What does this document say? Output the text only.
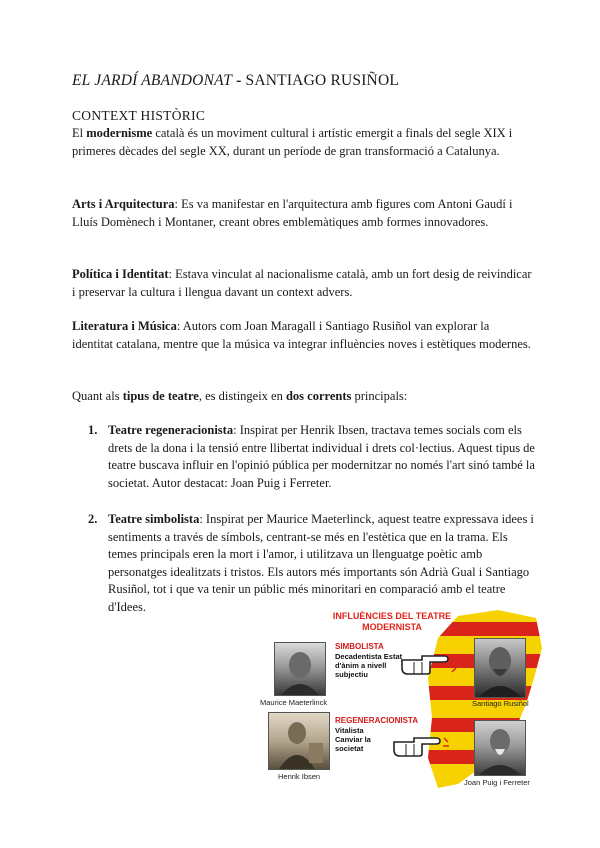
EL JARDÍ ABANDONAT - SANTIAGO RUSIÑOL
CONTEXT HISTÒRIC
El modernisme català és un moviment cultural i artístic emergit a finals del segle XIX i primeres dècades del segle XX, durant un període de gran transformació a Catalunya.
Arts i Arquitectura: Es va manifestar en l'arquitectura amb figures com Antoni Gaudí i Lluís Domènech i Montaner, creant obres emblemàtiques amb formes innovadores.
Política i Identitat: Estava vinculat al nacionalisme català, amb un fort desig de reivindicar i preservar la cultura i llengua davant un context advers.
Literatura i Música: Autors com Joan Maragall i Santiago Rusiñol van explorar la identitat catalana, mentre que la música va integrar influències noves i estètiques modernes.
Quant als tipus de teatre, es distingeix en dos corrents principals:
1. Teatre regeneracionista: Inspirat per Henrik Ibsen, tractava temes socials com els drets de la dona i la tensió entre llibertat individual i drets col·lectius. Aquest tipus de teatre buscava influir en l'opinió pública per modernitzar no només l'art sinó també la societat. Autor destacat: Joan Puig i Ferreter.
2. Teatre simbolista: Inspirat per Maurice Maeterlinck, aquest teatre expressava idees i sentiments a través de símbols, centrant-se més en l'estètica que en la trama. Els temes principals eren la mort i l'amor, i utilitzava un llenguatge poètic amb personatges idealitzats i tristos. Els autors més importants són Adrià Gual i Santiago Rusiñol, tot i que va tenir un públic més minoritari en comparació amb el teatre d'Idees.
INFLUÈNCIES DEL TEATRE MODERNISTA
Maurice Maeterlinck
SIMBOLISTA
Decadentista Estat d'ànim a nivell subjectiu
Santiago Rusiñol
Henrik Ibsen
REGENERACIONISTA
Vitalista Canviar la societat
Joan Puig i Ferreter
